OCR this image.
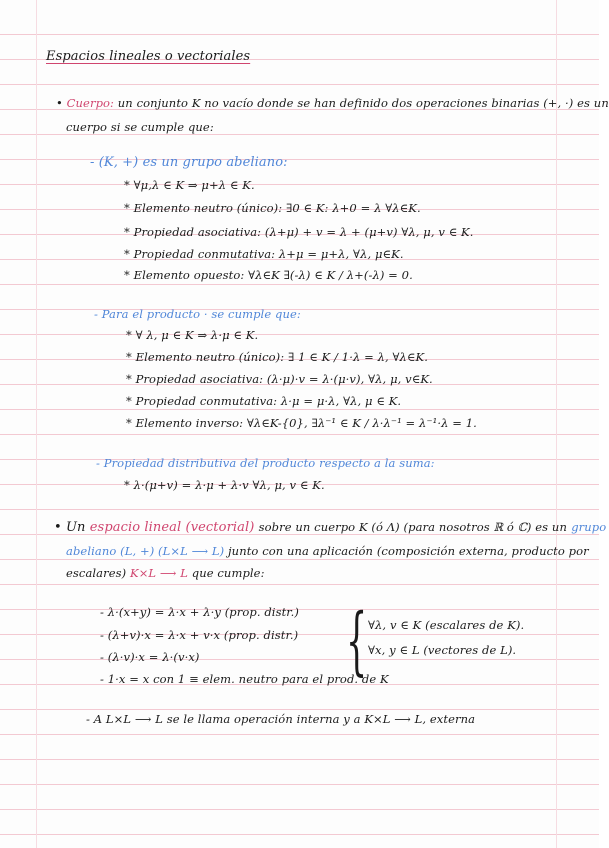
Espacios lineales o vectoriales
• Cuerpo: un conjunto K no vacío donde se han definido dos operaciones binarias (+, ·) es un
cuerpo si se cumple que:
- (K, +) es un grupo abeliano:
* ∀μ,λ ∈ K ⇒ μ+λ ∈ K.
* Elemento neutro (único): ∃0 ∈ K: λ+0 = λ ∀λ∈K.
* Propiedad asociativa: (λ+μ) + v = λ + (μ+v) ∀λ, μ, v ∈ K.
* Propiedad conmutativa: λ+μ = μ+λ, ∀λ, μ∈K.
* Elemento opuesto: ∀λ∈K ∃(-λ) ∈ K / λ+(-λ) = 0.
- Para el producto · se cumple que:
* ∀ λ, μ ∈ K ⇒ λ·μ ∈ K.
* Elemento neutro (único): ∃ 1 ∈ K / 1·λ = λ, ∀λ∈K.
* Propiedad asociativa: (λ·μ)·v = λ·(μ·v), ∀λ, μ, v∈K.
* Propiedad conmutativa: λ·μ = μ·λ, ∀λ, μ ∈ K.
* Elemento inverso: ∀λ∈K-{0}, ∃λ⁻¹ ∈ K / λ·λ⁻¹ = λ⁻¹·λ = 1.
- Propiedad distributiva del producto respecto a la suma:
* λ·(μ+v) = λ·μ + λ·v ∀λ, μ, v ∈ K.
• Un espacio lineal (vectorial) sobre un cuerpo K (ó Λ) (para nosotros ℝ ó ℂ) es un grupo
abeliano (L, +) (L×L ⟶ L) junto con una aplicación (composición externa, producto por
escalares) K×L ⟶ L que cumple:
- λ·(x+y) = λ·x + λ·y (prop. distr.)
- (λ+v)·x = λ·x + v·x (prop. distr.)
- (λ·v)·x = λ·(v·x)
- 1·x = x con 1 ≡ elem. neutro para el prod. de K
{ ∀λ, v ∈ K (escalares de K).
∀x, y ∈ L (vectores de L).
- A L×L ⟶ L se le llama operación interna y a K×L ⟶ L, externa
